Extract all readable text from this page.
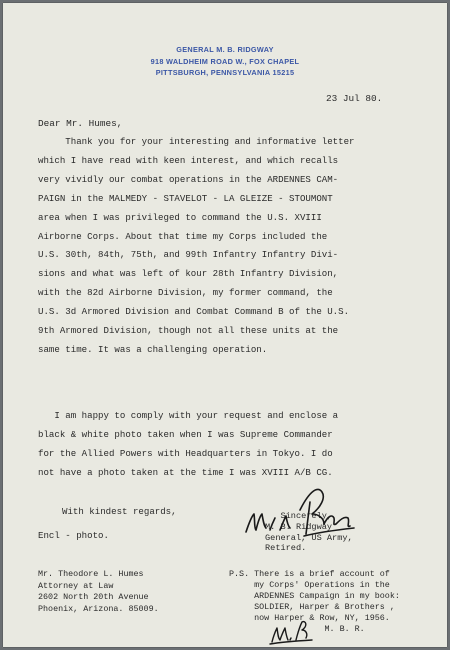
GENERAL M. B. RIDGWAY
918 WALDHEIM ROAD W., FOX CHAPEL
PITTSBURGH, PENNSYLVANIA 15215
23 Jul 80.
Dear Mr. Humes,
Thank you for your interesting and informative letter
which I have read with keen interest, and which recalls
very vividly our combat operations in the ARDENNES CAM-
PAIGN in the MALMEDY - STAVELOT - LA GLEIZE - STOUMONT
area when I was privileged to command the U.S. XVIII
Airborne Corps. About that time my Corps included the
U.S. 30th, 84th, 75th, and 99th Infantry Infantry Divi-
sions and what was left of kour 28th Infantry Division,
with the 82d Airborne Division, my former command, the
U.S. 3d Armored Division and Combat Command B of the U.S.
9th Armored Division, though not all these units at the
same time. It was a challenging operation.
I am happy to comply with your request and enclose a
black & white photo taken when I was Supreme Commander
for the Allied Powers with Headquarters in Tokyo. I do
not have a photo taken at the time I was XVIII A/B CG.
With kindest regards,
Encl - photo.
Sincerely,
M. B. Ridgway
General, US Army,
Retired.
Mr. Theodore L. Humes
Attorney at Law
2602 North 20th Avenue
Phoenix, Arizona. 85009.
P.S. There is a brief account of
my Corps' Operations in the
ARDENNES Campaign in my book:
SOLDIER, Harper & Brothers ,
now Harper & Row, NY, 1956.
M. B. R.
